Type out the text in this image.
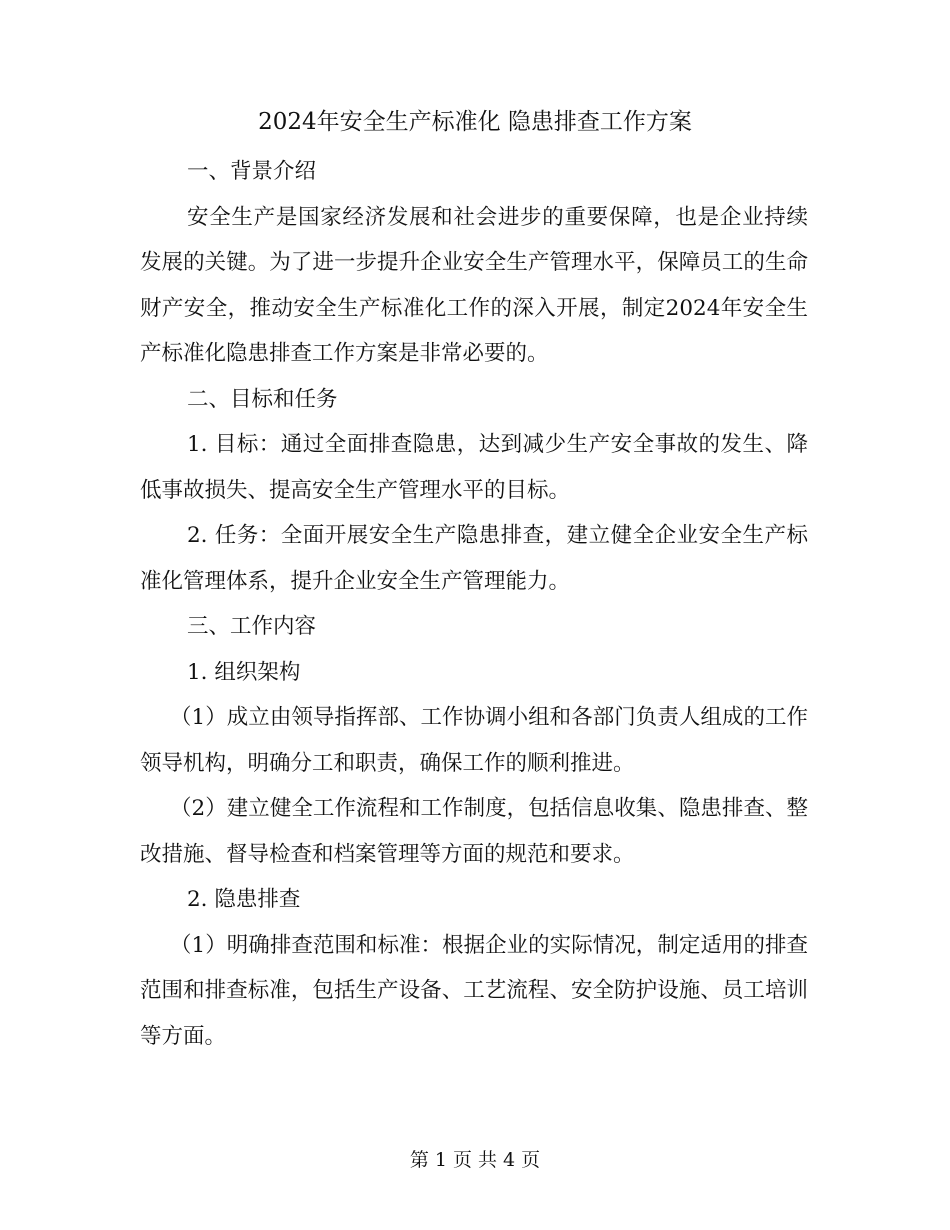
2024年安全生产标准化 隐患排查工作方案

一、背景介绍

安全生产是国家经济发展和社会进步的重要保障，也是企业持续发展的关键。为了进一步提升企业安全生产管理水平，保障员工的生命财产安全，推动安全生产标准化工作的深入开展，制定2024年安全生产标准化隐患排查工作方案是非常必要的。

二、目标和任务

1. 目标：通过全面排查隐患，达到减少生产安全事故的发生、降低事故损失、提高安全生产管理水平的目标。

2. 任务：全面开展安全生产隐患排查，建立健全企业安全生产标准化管理体系，提升企业安全生产管理能力。

三、工作内容

1. 组织架构

（1）成立由领导指挥部、工作协调小组和各部门负责人组成的工作领导机构，明确分工和职责，确保工作的顺利推进。

（2）建立健全工作流程和工作制度，包括信息收集、隐患排查、整改措施、督导检查和档案管理等方面的规范和要求。

2. 隐患排查

（1）明确排查范围和标准：根据企业的实际情况，制定适用的排查范围和排查标准，包括生产设备、工艺流程、安全防护设施、员工培训等方面。

第 1 页 共 4 页
